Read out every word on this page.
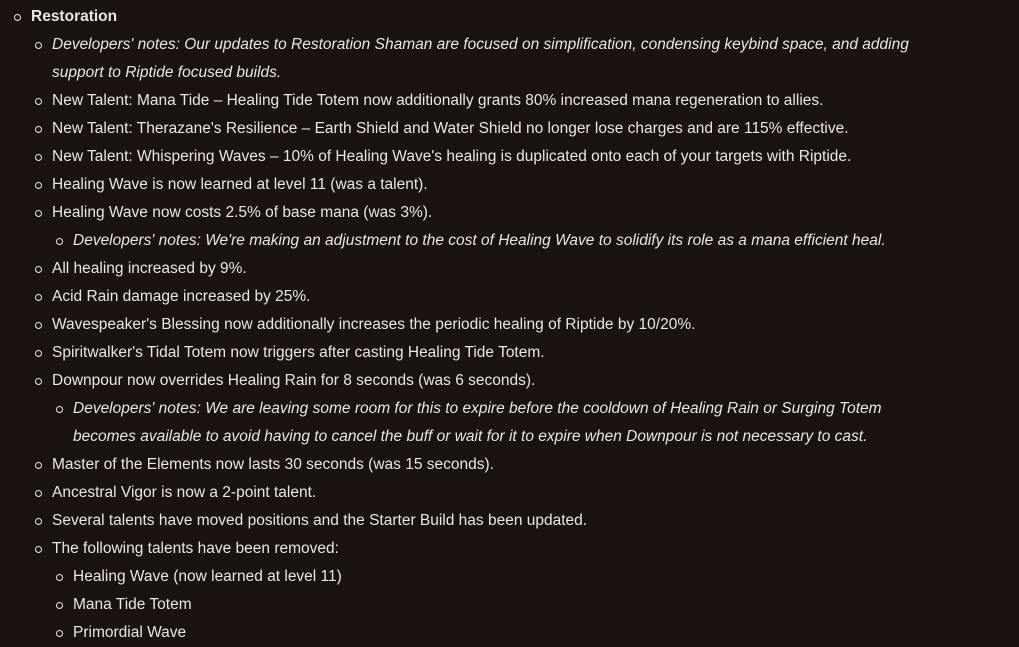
Restoration
Developers' notes: Our updates to Restoration Shaman are focused on simplification, condensing keybind space, and adding
support to Riptide focused builds.
New Talent: Mana Tide – Healing Tide Totem now additionally grants 80% increased mana regeneration to allies.
New Talent: Therazane's Resilience – Earth Shield and Water Shield no longer lose charges and are 115% effective.
New Talent: Whispering Waves – 10% of Healing Wave's healing is duplicated onto each of your targets with Riptide.
Healing Wave is now learned at level 11 (was a talent).
Healing Wave now costs 2.5% of base mana (was 3%).
Developers' notes: We're making an adjustment to the cost of Healing Wave to solidify its role as a mana efficient heal.
All healing increased by 9%.
Acid Rain damage increased by 25%.
Wavespeaker's Blessing now additionally increases the periodic healing of Riptide by 10/20%.
Spiritwalker's Tidal Totem now triggers after casting Healing Tide Totem.
Downpour now overrides Healing Rain for 8 seconds (was 6 seconds).
Developers' notes: We are leaving some room for this to expire before the cooldown of Healing Rain or Surging Totem
becomes available to avoid having to cancel the buff or wait for it to expire when Downpour is not necessary to cast.
Master of the Elements now lasts 30 seconds (was 15 seconds).
Ancestral Vigor is now a 2-point talent.
Several talents have moved positions and the Starter Build has been updated.
The following talents have been removed:
Healing Wave (now learned at level 11)
Mana Tide Totem
Primordial Wave
